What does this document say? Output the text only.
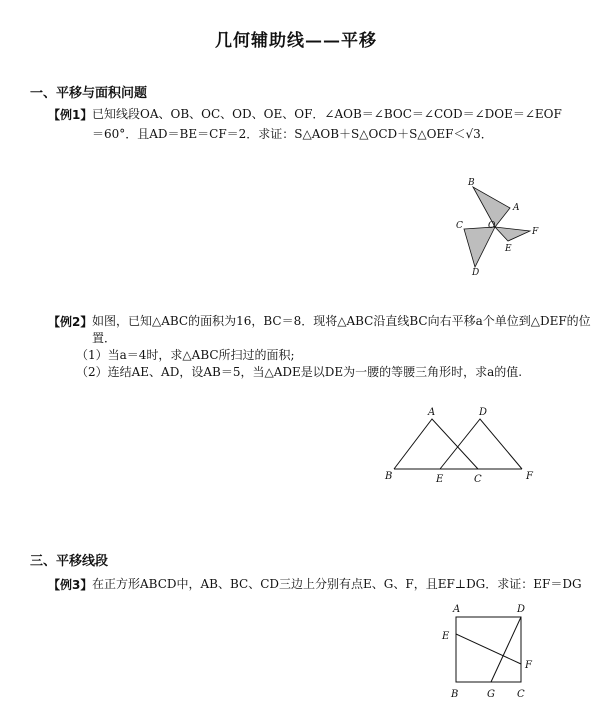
几何辅助线——平移
一、平移与面积问题
【例1】 已知线段OA、OB、OC、OD、OE、OF．∠AOB＝∠BOC＝∠COD＝∠DOE＝∠EOF
＝60°．且AD＝BE＝CF＝2．求证：S△AOB＋S△OCD＋S△OEF＜√3．
B
A
C	O
F
E
D
【例2】 如图，已知△ABC的面积为16，BC＝8．现将△ABC沿直线BC向右平移a个单位到△DEF的位
置．
（1）当a＝4时，求△ABC所扫过的面积;
（2）连结AE、AD，设AB＝5，当△ADE是以DE为一腰的等腰三角形时，求a的值.
A	D
B	E	C	F
三、平移线段
【例3】 在正方形ABCD中，AB、BC、CD三边上分别有点E、G、F，且EF⊥DG．求证：EF＝DG
A	D
E
F
B	G C
